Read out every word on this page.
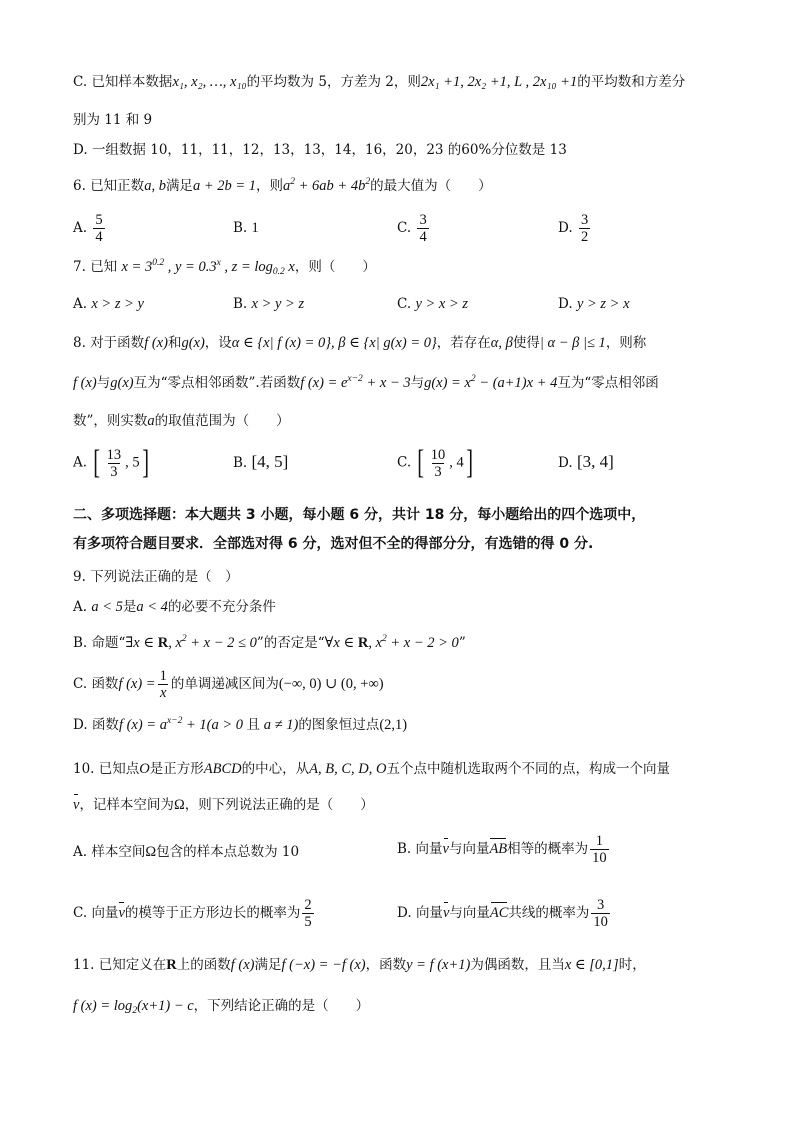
C. 已知样本数据x₁, x₂, …, x₁₀的平均数为 5，方差为 2，则2x₁ +1, 2x₂ +1, L , 2x₁₀ +1的平均数和方差分
别为 11 和 9
D. 一组数据 10，11，11，12，13，13，14，16，20，23 的60%分位数是 13
6. 已知正数a, b满足a + 2b = 1，则$a^2 + 6ab + 4b^2$的最大值为（　　）
A. $\frac{5}{4}$	B. 1	C. $\frac{3}{4}$	D. $\frac{3}{2}$
7. 已知 $x = 3^{0.2}$ , $y = 0.3^x$ , $z = \log_{0.2} x$，则（　　）
A. x > z > y	B. x > y > z	C. y > x > z	D. y > z > x
8. 对于函数f (x)和g(x)，设α ∈ {x| f (x) = 0}, β ∈ {x| g(x) = 0}，若存在α, β使得| α − β |≤ 1，则称
f (x)与g(x)互为“零点相邻函数”.若函数f $(x) = e^{x-2} + x - 3$与$g(x) = x^2 - (a+1)x + 4$互为“零点相邻函
数”，则实数a的取值范围为（　　）
A. [ $\frac{13}{3}$ , 5]	B. [4, 5]	C. [ $\frac{10}{3}$ , 4]	D. [3, 4]
二、多项选择题：本大题共 3 小题，每小题 6 分，共计 18 分，每小题给出的四个选项中，
有多项符合题目要求．全部选对得 6 分，选对但不全的得部分分，有选错的得 0 分.
9. 下列说法正确的是（　）
A. a < 5是a < 4的必要不充分条件
B. 命题“∃x ∈ R, $x^2 + x - 2 \le 0$”的否定是“∀x ∈ R, $x^2 + x - 2 > 0$”
C. 函数f $(x) = \frac{1}{x}$ 的单调递减区间为(−∞, 0) ∪ (0, +∞)
D. 函数f $(x) = a^{x-2} + 1(a > 0$ 且 a ≠ 1)的图象恒过点(2,1)
10. 已知点O是正方形ABCD的中心，从A, B, C, D, O五个点中随机选取两个不同的点，构成一个向量
v，记样本空间为Ω，则下列说法正确的是（　　）
A. 样本空间Ω包含的样本点总数为 10	B. 向量v与向量AB相等的概率为 $\frac{1}{10}$
C. 向量v的模等于正方形边长的概率为 $\frac{2}{5}$	D. 向量v与向量AC共线的概率为 $\frac{3}{10}$
11. 已知定义在R上的函数f (x)满足f (−x) = −f (x)，函数y = f (x+1)为偶函数，且当x ∈ [0,1]时，
f $(x) = \log_2(x+1) - c$，下列结论正确的是（　　）
